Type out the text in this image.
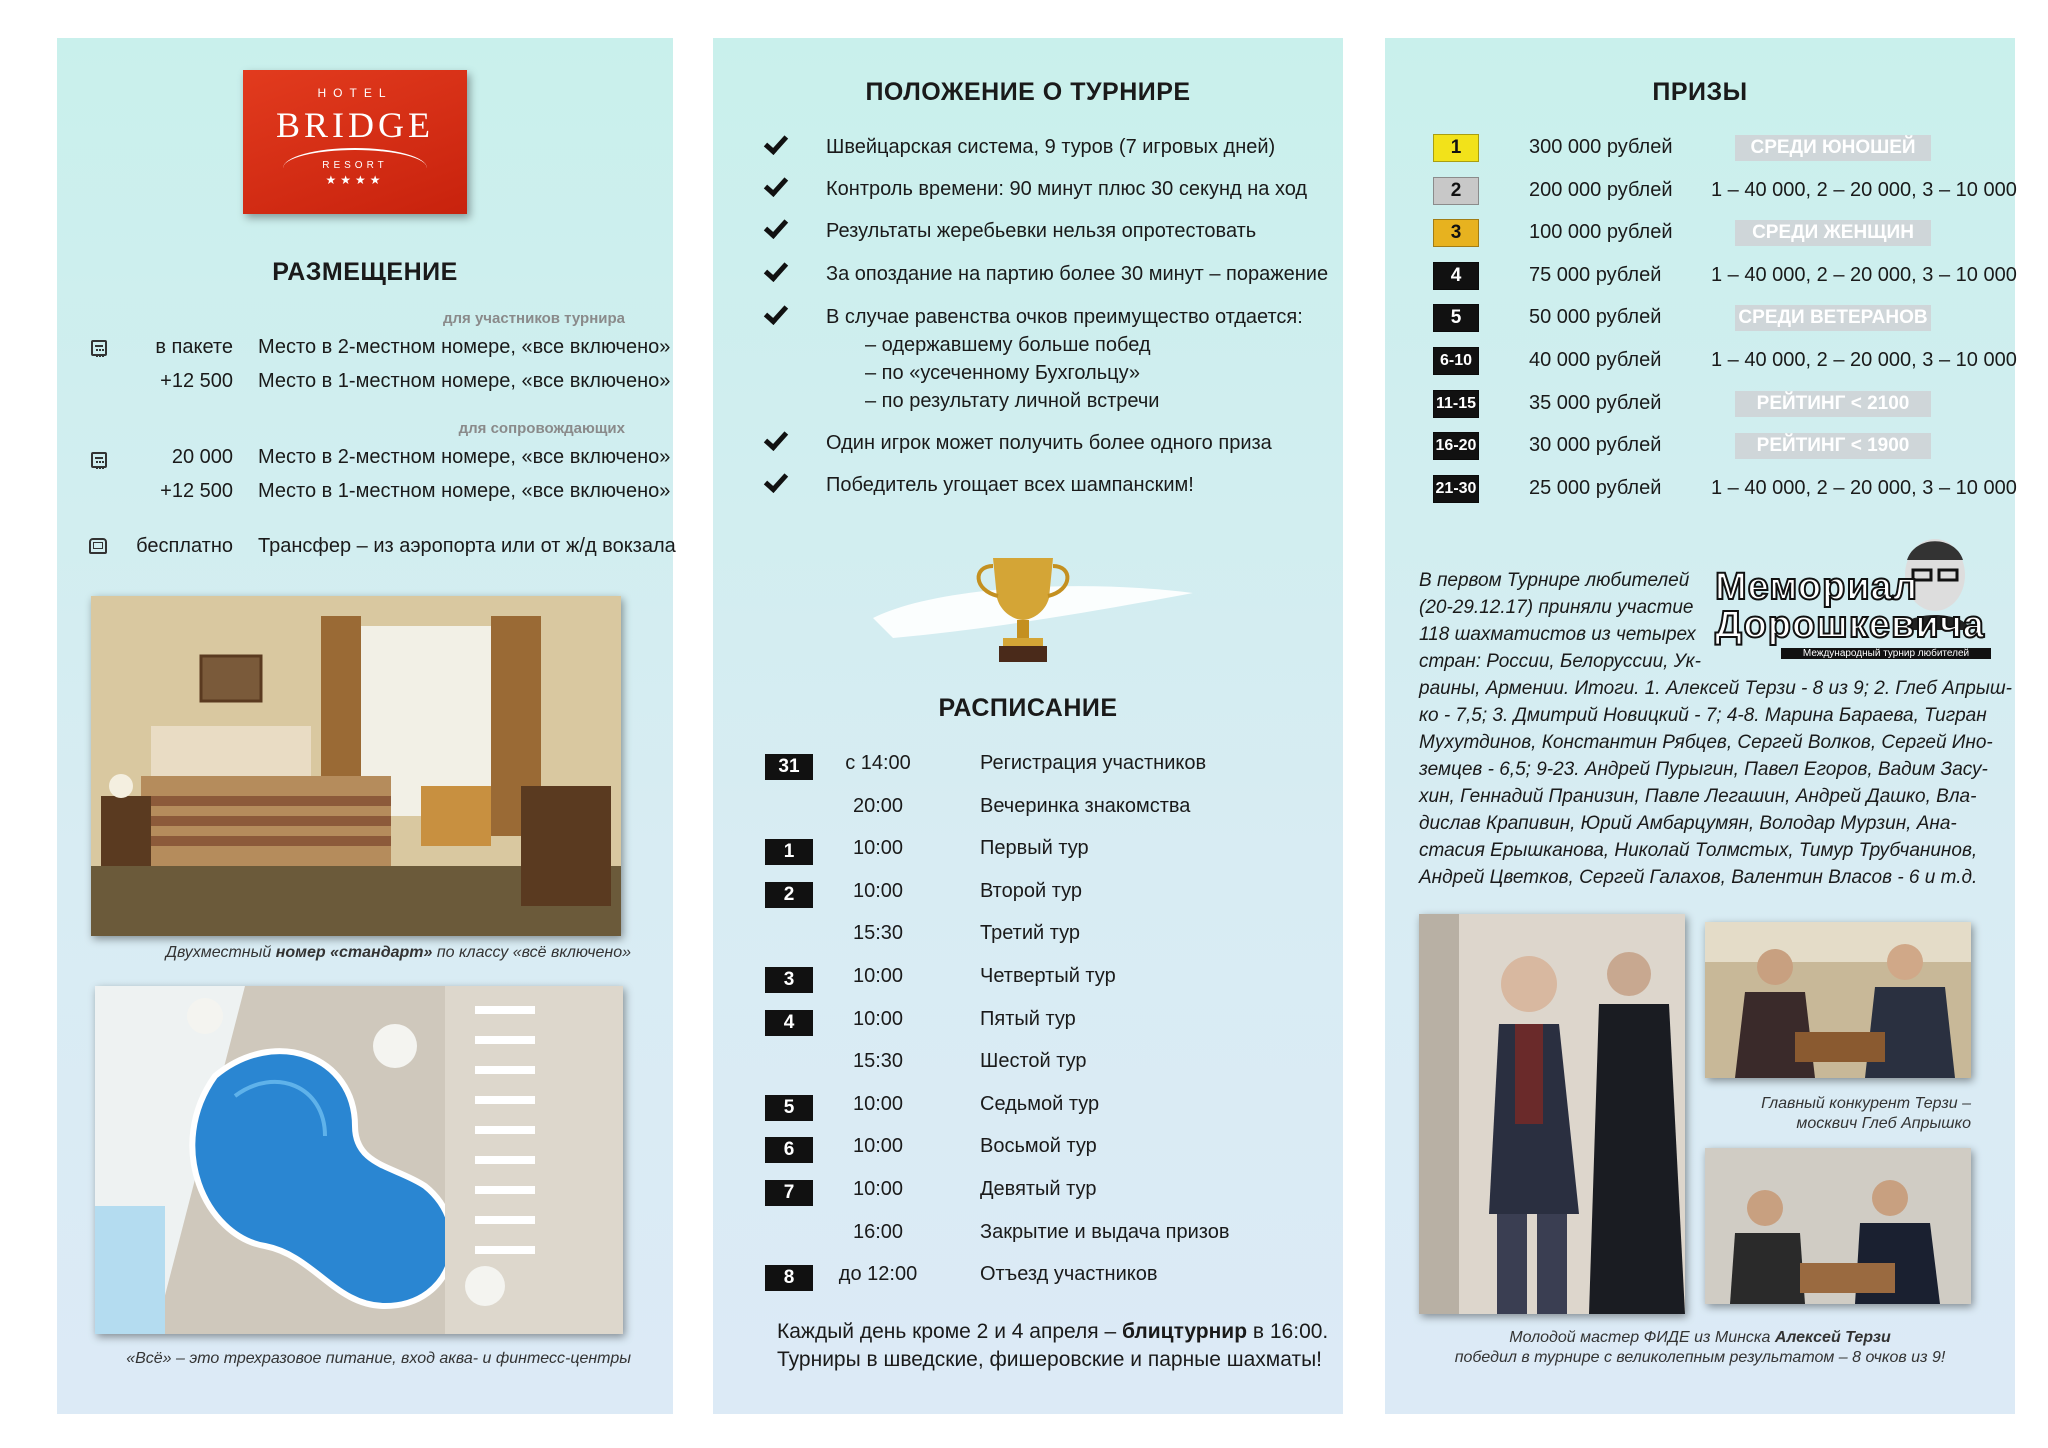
HOTEL
BRIDGE
RESORT
★★★★
РАЗМЕЩЕНИЕ
для участников турнира
в пакете Место в 2-местном номере, «все включено»
+12 500 Место в 1-местном номере, «все включено»
для сопровождающих
20 000 Место в 2-местном номере, «все включено»
+12 500 Место в 1-местном номере, «все включено»
бесплатно Трансфер – из аэропорта или от ж/д вокзала
Двухместный номер «стандарт» по классу «всё включено»
«Всё» – это трехразовое питание, вход аква- и финтесс-центры
ПОЛОЖЕНИЕ О ТУРНИРЕ
Швейцарская система, 9 туров (7 игровых дней)
Контроль времени: 90 минут плюс 30 секунд на ход
Результаты жеребьевки нельзя опротестовать
За опоздание на партию более 30 минут – поражение
В случае равенства очков преимущество отдается:
– одержавшему больше побед
– по «усеченному Бухгольцу»
– по результату личной встречи
Один игрок может получить более одного приза
Победитель угощает всех шампанским!
РАСПИСАНИЕ
31	с 14:00	Регистрация участников
20:00	Вечеринка знакомства
1	10:00	Первый тур
2	10:00	Второй тур
15:30	Третий тур
3	10:00	Четвертый тур
4	10:00	Пятый тур
15:30	Шестой тур
5	10:00	Седьмой тур
6	10:00	Восьмой тур
7	10:00	Девятый тур
16:00	Закрытие и выдача призов
8	до 12:00	Отъезд участников
Каждый день кроме 2 и 4 апреля – блицтурнир в 16:00.
Турниры в шведские, фишеровские и парные шахматы!
ПРИЗЫ
1	300 000 рублей	СРЕДИ ЮНОШЕЙ
2	200 000 рублей 1 – 40 000, 2 – 20 000, 3 – 10 000
3	100 000 рублей	СРЕДИ ЖЕНЩИН
4	75 000 рублей 1 – 40 000, 2 – 20 000, 3 – 10 000
5	50 000 рублей	СРЕДИ ВЕТЕРАНОВ
6-10	40 000 рублей 1 – 40 000, 2 – 20 000, 3 – 10 000
11-15	35 000 рублей	РЕЙТИНГ < 2100
16-20	30 000 рублей	РЕЙТИНГ < 1900
21-30	25 000 рублей 1 – 40 000, 2 – 20 000, 3 – 10 000
Мемориал
Дорошкевича
Международный турнир любителей
В первом Турнире любителей
(20-29.12.17) приняли участие
118 шахматистов из четырех
стран: России, Белоруссии, Ук-
раины, Армении. Итоги. 1. Алексей Терзи - 8 из 9; 2. Глеб Апрыш-
ко - 7,5; 3. Дмитрий Новицкий - 7; 4-8. Марина Бараева, Тигран
Мухутдинов, Константин Рябцев, Сергей Волков, Сергей Ино-
земцев - 6,5; 9-23. Андрей Пурыгин, Павел Егоров, Вадим Засу-
хин, Геннадий Пранизин, Павле Легашин, Андрей Дашко, Вла-
дислав Крапивин, Юрий Амбарцумян, Володар Мурзин, Ана-
стасия Ерышканова, Николай Толмстых, Тимур Трубчанинов,
Андрей Цветков, Сергей Галахов, Валентин Власов - 6 и т.д.
Главный конкурент Терзи –
москвич Глеб Апрышко
Молодой мастер ФИДЕ из Минска Алексей Терзи
победил в турнире с великолепным результатом – 8 очков из 9!
